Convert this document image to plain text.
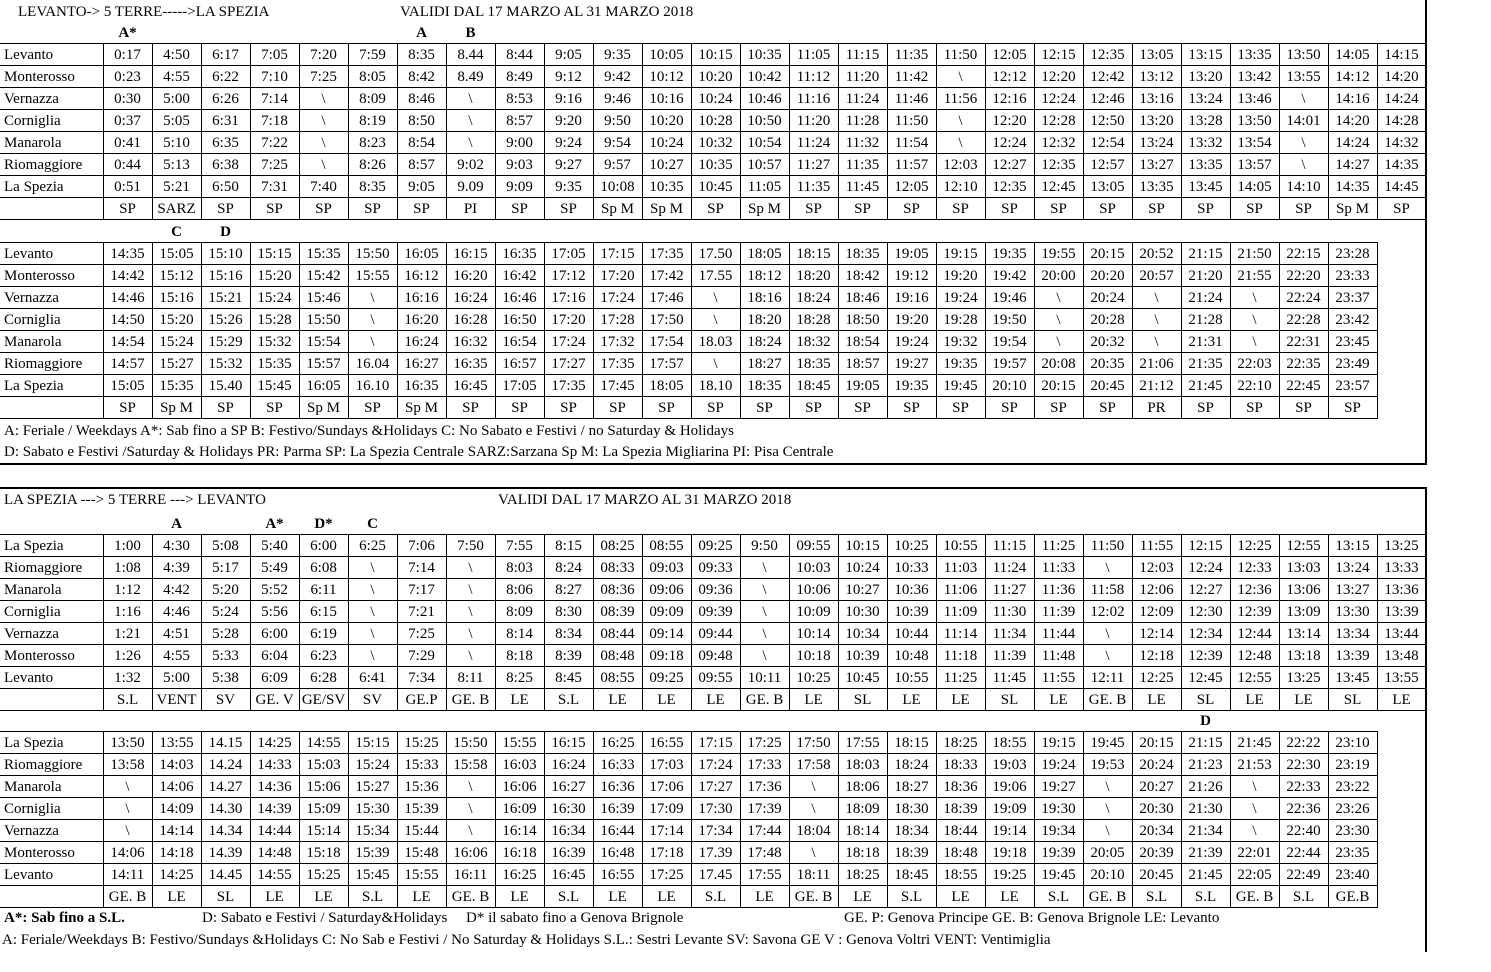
LEVANTO-> 5 TERRE----->LA SPEZIA	VALIDI DAL 17 MARZO AL 31 MARZO 2018
	A*						A	B																			
Levanto	0:17	4:50	6:17	7:05	7:20	7:59	8:35	8.44	8:44	9:05	9:35	10:05	10:15	10:35	11:05	11:15	11:35	11:50	12:05	12:15	12:35	13:05	13:15	13:35	13:50	14:05	14:15
Monterosso	0:23	4:55	6:22	7:10	7:25	8:05	8:42	8.49	8:49	9:12	9:42	10:12	10:20	10:42	11:12	11:20	11:42	\	12:12	12:20	12:42	13:12	13:20	13:42	13:55	14:12	14:20
Vernazza	0:30	5:00	6:26	7:14	\	8:09	8:46	\	8:53	9:16	9:46	10:16	10:24	10:46	11:16	11:24	11:46	11:56	12:16	12:24	12:46	13:16	13:24	13:46	\	14:16	14:24
Corniglia	0:37	5:05	6:31	7:18	\	8:19	8:50	\	8:57	9:20	9:50	10:20	10:28	10:50	11:20	11:28	11:50	\	12:20	12:28	12:50	13:20	13:28	13:50	14:01	14:20	14:28
Manarola	0:41	5:10	6:35	7:22	\	8:23	8:54	\	9:00	9:24	9:54	10:24	10:32	10:54	11:24	11:32	11:54	\	12:24	12:32	12:54	13:24	13:32	13:54	\	14:24	14:32
Riomaggiore	0:44	5:13	6:38	7:25	\	8:26	8:57	9:02	9:03	9:27	9:57	10:27	10:35	10:57	11:27	11:35	11:57	12:03	12:27	12:35	12:57	13:27	13:35	13:57	\	14:27	14:35
La Spezia	0:51	5:21	6:50	7:31	7:40	8:35	9:05	9.09	9:09	9:35	10:08	10:35	10:45	11:05	11:35	11:45	12:05	12:10	12:35	12:45	13:05	13:35	13:45	14:05	14:10	14:35	14:45
	SP	SARZ	SP	SP	SP	SP	SP	PI	SP	SP	Sp M	Sp M	SP	Sp M	SP	SP	SP	SP	SP	SP	SP	SP	SP	SP	SP	Sp M	SP
		C	D																							
Levanto	14:35	15:05	15:10	15:15	15:35	15:50	16:05	16:15	16:35	17:05	17:15	17:35	17.50	18:05	18:15	18:35	19:05	19:15	19:35	19:55	20:15	20:52	21:15	21:50	22:15	23:28
Monterosso	14:42	15:12	15:16	15:20	15:42	15:55	16:12	16:20	16:42	17:12	17:20	17:42	17.55	18:12	18:20	18:42	19:12	19:20	19:42	20:00	20:20	20:57	21:20	21:55	22:20	23:33
Vernazza	14:46	15:16	15:21	15:24	15:46	\	16:16	16:24	16:46	17:16	17:24	17:46	\	18:16	18:24	18:46	19:16	19:24	19:46	\	20:24	\	21:24	\	22:24	23:37
Corniglia	14:50	15:20	15:26	15:28	15:50	\	16:20	16:28	16:50	17:20	17:28	17:50	\	18:20	18:28	18:50	19:20	19:28	19:50	\	20:28	\	21:28	\	22:28	23:42
Manarola	14:54	15:24	15:29	15:32	15:54	\	16:24	16:32	16:54	17:24	17:32	17:54	18.03	18:24	18:32	18:54	19:24	19:32	19:54	\	20:32	\	21:31	\	22:31	23:45
Riomaggiore	14:57	15:27	15:32	15:35	15:57	16.04	16:27	16:35	16:57	17:27	17:35	17:57	\	18:27	18:35	18:57	19:27	19:35	19:57	20:08	20:35	21:06	21:35	22:03	22:35	23:49
La Spezia	15:05	15:35	15.40	15:45	16:05	16.10	16:35	16:45	17:05	17:35	17:45	18:05	18.10	18:35	18:45	19:05	19:35	19:45	20:10	20:15	20:45	21:12	21:45	22:10	22:45	23:57
	SP	Sp M	SP	SP	Sp M	SP	Sp M	SP	SP	SP	SP	SP	SP	SP	SP	SP	SP	SP	SP	SP	SP	PR	SP	SP	SP	SP
A: Feriale / Weekdays A*: Sab fino a SP B: Festivo/Sundays &Holidays C: No Sabato e Festivi / no Saturday & Holidays
D: Sabato e Festivi /Saturday & Holidays PR: Parma SP: La Spezia Centrale SARZ:Sarzana Sp M: La Spezia Migliarina PI: Pisa Centrale
LA SPEZIA ---> 5 TERRE ---> LEVANTO	VALIDI DAL 17 MARZO AL 31 MARZO 2018
		A		A*	D*	C																					
La Spezia	1:00	4:30	5:08	5:40	6:00	6:25	7:06	7:50	7:55	8:15	08:25	08:55	09:25	9:50	09:55	10:15	10:25	10:55	11:15	11:25	11:50	11:55	12:15	12:25	12:55	13:15	13:25
Riomaggiore	1:08	4:39	5:17	5:49	6:08	\	7:14	\	8:03	8:24	08:33	09:03	09:33	\	10:03	10:24	10:33	11:03	11:24	11:33	\	12:03	12:24	12:33	13:03	13:24	13:33
Manarola	1:12	4:42	5:20	5:52	6:11	\	7:17	\	8:06	8:27	08:36	09:06	09:36	\	10:06	10:27	10:36	11:06	11:27	11:36	11:58	12:06	12:27	12:36	13:06	13:27	13:36
Corniglia	1:16	4:46	5:24	5:56	6:15	\	7:21	\	8:09	8:30	08:39	09:09	09:39	\	10:09	10:30	10:39	11:09	11:30	11:39	12:02	12:09	12:30	12:39	13:09	13:30	13:39
Vernazza	1:21	4:51	5:28	6:00	6:19	\	7:25	\	8:14	8:34	08:44	09:14	09:44	\	10:14	10:34	10:44	11:14	11:34	11:44	\	12:14	12:34	12:44	13:14	13:34	13:44
Monterosso	1:26	4:55	5:33	6:04	6:23	\	7:29	\	8:18	8:39	08:48	09:18	09:48	\	10:18	10:39	10:48	11:18	11:39	11:48	\	12:18	12:39	12:48	13:18	13:39	13:48
Levanto	1:32	5:00	5:38	6:09	6:28	6:41	7:34	8:11	8:25	8:45	08:55	09:25	09:55	10:11	10:25	10:45	10:55	11:25	11:45	11:55	12:11	12:25	12:45	12:55	13:25	13:45	13:55
	S.L	VENT	SV	GE. V	GE/SV	SV	GE.P	GE. B	LE	S.L	LE	LE	LE	GE. B	LE	SL	LE	LE	SL	LE	GE. B	LE	SL	LE	LE	SL	LE
																							D			
La Spezia	13:50	13:55	14.15	14:25	14:55	15:15	15:25	15:50	15:55	16:15	16:25	16:55	17:15	17:25	17:50	17:55	18:15	18:25	18:55	19:15	19:45	20:15	21:15	21:45	22:22	23:10
Riomaggiore	13:58	14:03	14.24	14:33	15:03	15:24	15:33	15:58	16:03	16:24	16:33	17:03	17:24	17:33	17:58	18:03	18:24	18:33	19:03	19:24	19:53	20:24	21:23	21:53	22:30	23:19
Manarola	\	14:06	14.27	14:36	15:06	15:27	15:36	\	16:06	16:27	16:36	17:06	17:27	17:36	\	18:06	18:27	18:36	19:06	19:27	\	20:27	21:26	\	22:33	23:22
Corniglia	\	14:09	14.30	14:39	15:09	15:30	15:39	\	16:09	16:30	16:39	17:09	17:30	17:39	\	18:09	18:30	18:39	19:09	19:30	\	20:30	21:30	\	22:36	23:26
Vernazza	\	14:14	14.34	14:44	15:14	15:34	15:44	\	16:14	16:34	16:44	17:14	17:34	17:44	18:04	18:14	18:34	18:44	19:14	19:34	\	20:34	21:34	\	22:40	23:30
Monterosso	14:06	14:18	14.39	14:48	15:18	15:39	15:48	16:06	16:18	16:39	16:48	17:18	17.39	17:48	\	18:18	18:39	18:48	19:18	19:39	20:05	20:39	21:39	22:01	22:44	23:35
Levanto	14:11	14:25	14.45	14:55	15:25	15:45	15:55	16:11	16:25	16:45	16:55	17:25	17.45	17:55	18:11	18:25	18:45	18:55	19:25	19:45	20:10	20:45	21:45	22:05	22:49	23:40
	GE. B	LE	SL	LE	LE	S.L	LE	GE. B	LE	S.L	LE	LE	S.L	LE	GE. B	LE	S.L	LE	LE	S.L	GE. B	S.L	S.L	GE. B	S.L	GE.B
A*: Sab fino a S.L.	D: Sabato e Festivi / Saturday&Holidays D* il sabato fino a Genova Brignole	GE. P: Genova Principe GE. B: Genova Brignole LE: Levanto
A: Feriale/Weekdays B: Festivo/Sundays &Holidays C: No Sab e Festivi / No Saturday & Holidays S.L.: Sestri Levante SV: Savona GE V : Genova Voltri VENT: Ventimiglia
